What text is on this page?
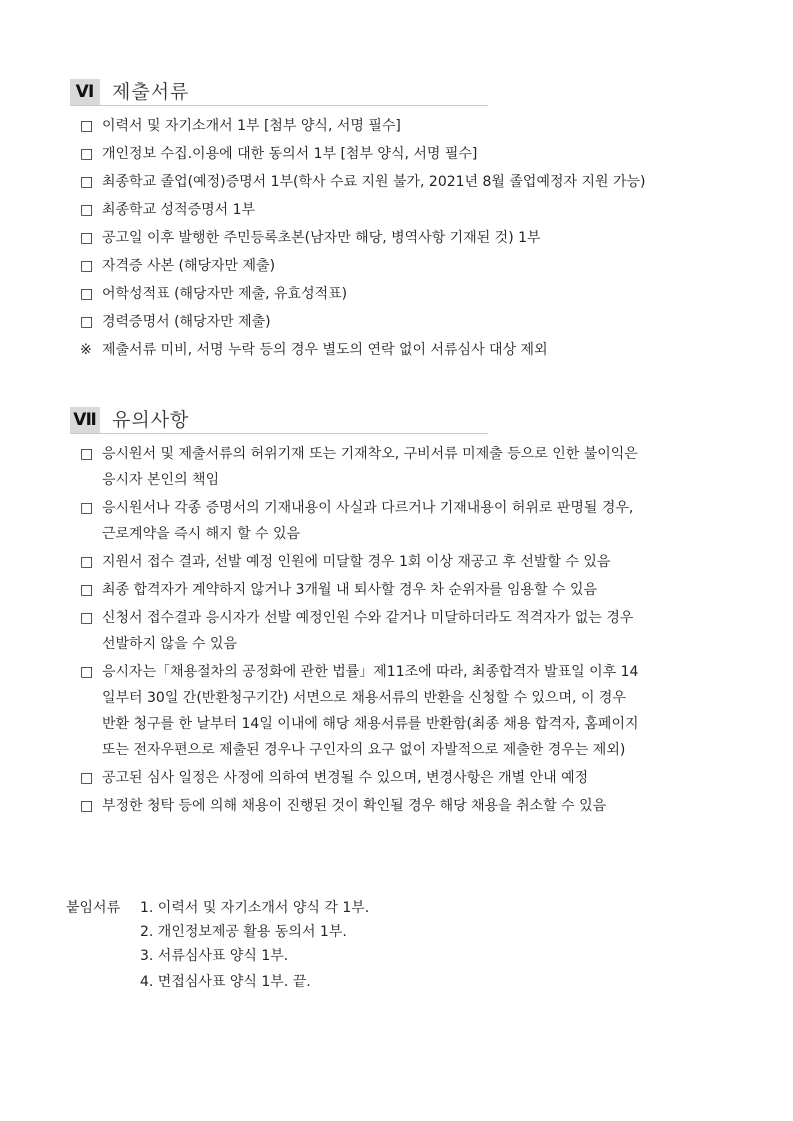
Ⅵ 제출서류
□ 이력서 및 자기소개서 1부 [첨부 양식, 서명 필수]
□ 개인정보 수집.이용에 대한 동의서 1부 [첨부 양식, 서명 필수]
□ 최종학교 졸업(예정)증명서 1부(학사 수료 지원 불가, 2021년 8월 졸업예정자 지원 가능)
□ 최종학교 성적증명서 1부
□ 공고일 이후 발행한 주민등록초본(남자만 해당, 병역사항 기재된 것) 1부
□ 자격증 사본 (해당자만 제출)
□ 어학성적표 (해당자만 제출, 유효성적표)
□ 경력증명서 (해당자만 제출)
※ 제출서류 미비, 서명 누락 등의 경우 별도의 연락 없이 서류심사 대상 제외
Ⅶ 유의사항
□ 응시원서 및 제출서류의 허위기재 또는 기재착오, 구비서류 미제출 등으로 인한 불이익은
응시자 본인의 책임
□ 응시원서나 각종 증명서의 기재내용이 사실과 다르거나 기재내용이 허위로 판명될 경우,
근로계약을 즉시 해지 할 수 있음
□ 지원서 접수 결과, 선발 예정 인원에 미달할 경우 1회 이상 재공고 후 선발할 수 있음
□ 최종 합격자가 계약하지 않거나 3개월 내 퇴사할 경우 차 순위자를 임용할 수 있음
□ 신청서 접수결과 응시자가 선발 예정인원 수와 같거나 미달하더라도 적격자가 없는 경우
선발하지 않을 수 있음
□ 응시자는「채용절차의 공정화에 관한 법률」제11조에 따라, 최종합격자 발표일 이후 14
일부터 30일 간(반환청구기간) 서면으로 채용서류의 반환을 신청할 수 있으며, 이 경우
반환 청구를 한 날부터 14일 이내에 해당 채용서류를 반환함(최종 채용 합격자, 홈페이지
또는 전자우편으로 제출된 경우나 구인자의 요구 없이 자발적으로 제출한 경우는 제외)
□ 공고된 심사 일정은 사정에 의하여 변경될 수 있으며, 변경사항은 개별 안내 예정
□ 부정한 청탁 등에 의해 채용이 진행된 것이 확인될 경우 해당 채용을 취소할 수 있음
붙임서류 1. 이력서 및 자기소개서 양식 각 1부.
2. 개인정보제공 활용 동의서 1부.
3. 서류심사표 양식 1부.
4. 면접심사표 양식 1부. 끝.
